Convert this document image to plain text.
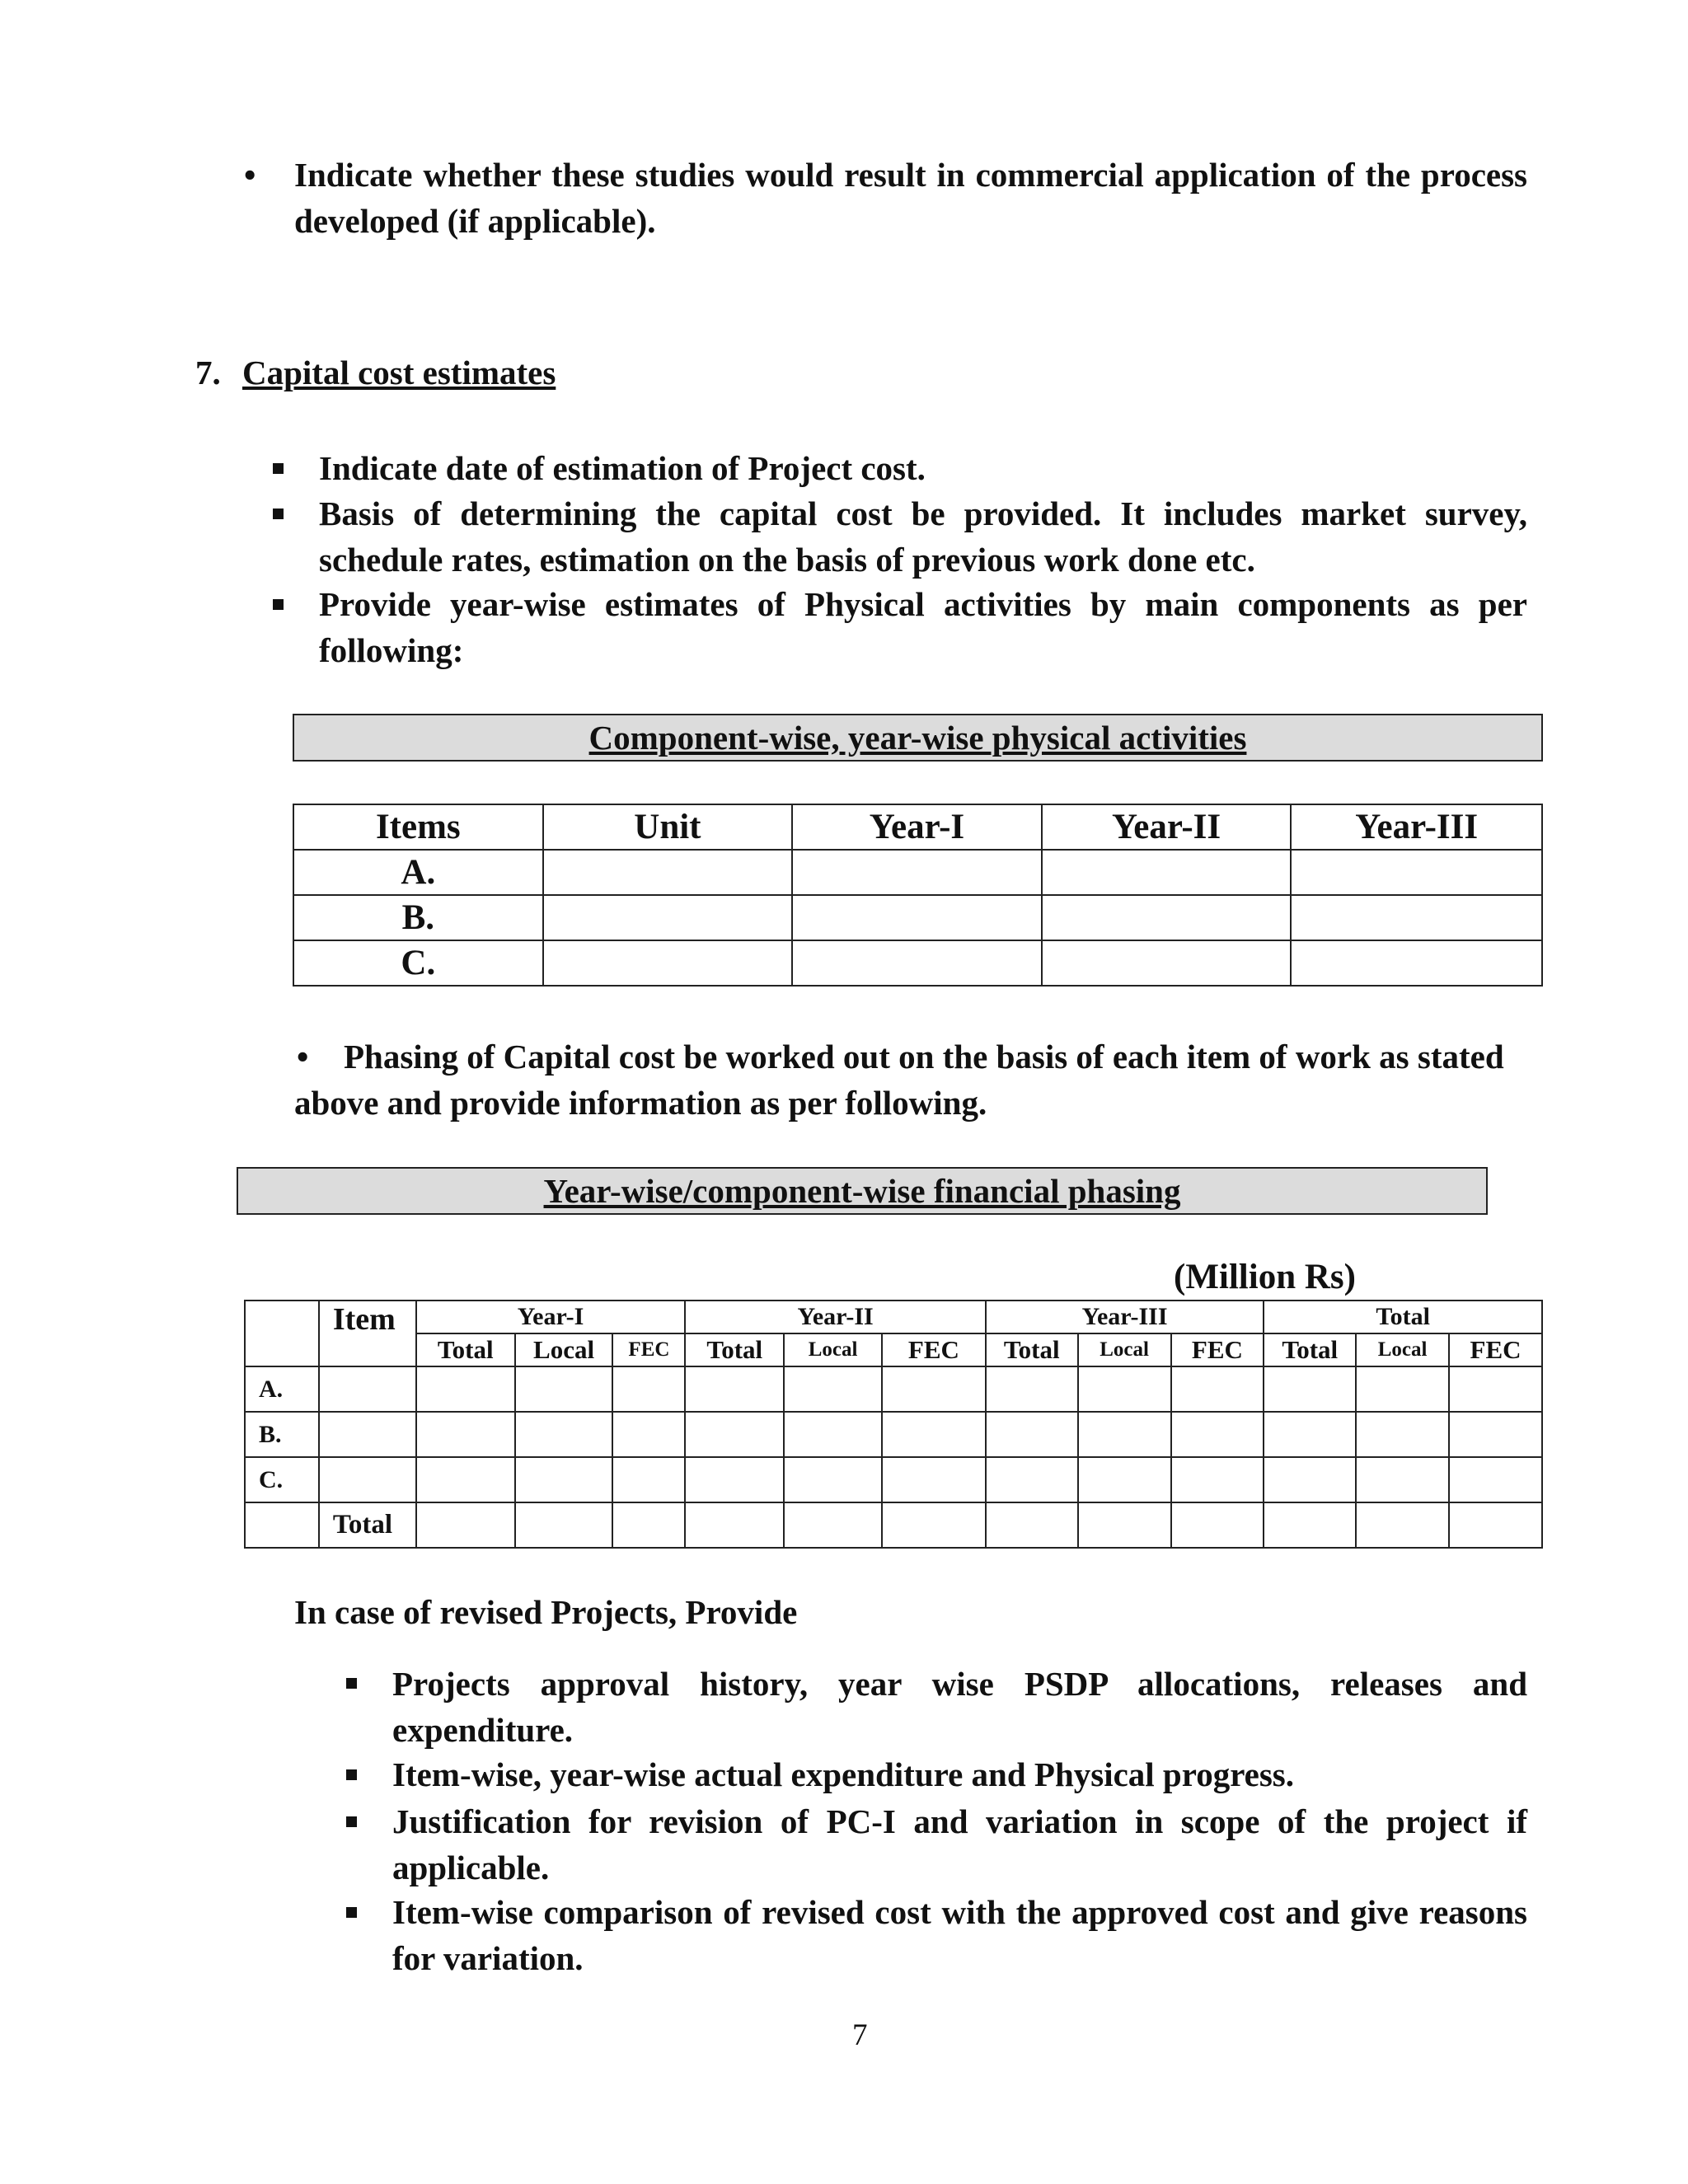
• Indicate whether these studies would result in commercial application of the process developed (if applicable).
7. Capital cost estimates
Indicate date of estimation of Project cost.
Basis of determining the capital cost be provided. It includes market survey, schedule rates, estimation on the basis of previous work done etc.
Provide year-wise estimates of Physical activities by main components as per following:
Component-wise, year-wise physical activities
Items	Unit	Year-I	Year-II	Year-III
A.				
B.				
C.				
•	Phasing of Capital cost be worked out on the basis of each item of work as stated above and provide information as per following.
Year-wise/component-wise financial phasing
(Million Rs)
	Item	Year-I			Year-II			Year-III			Total		
		Total	Local	FEC	Total	Local	FEC	Total	Local	FEC	Total	Local	FEC
A.													
B.													
C.													
	Total												
In case of revised Projects, Provide
Projects approval history, year wise PSDP allocations, releases and expenditure.
Item-wise, year-wise actual expenditure and Physical progress.
Justification for revision of PC-I and variation in scope of the project if applicable.
Item-wise comparison of revised cost with the approved cost and give reasons for variation.
7
